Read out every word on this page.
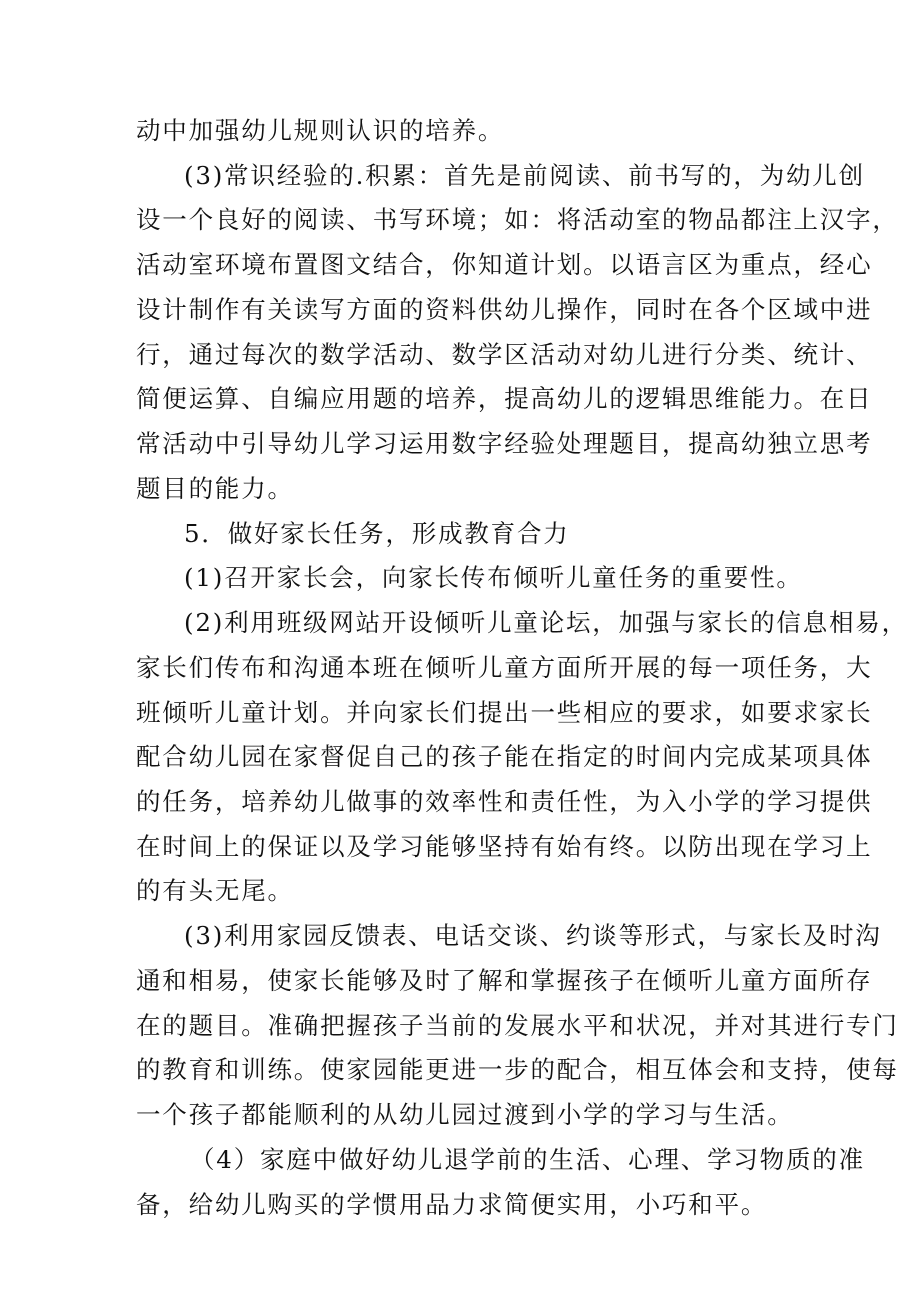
动中加强幼儿规则认识的培养。
(3)常识经验的.积累：首先是前阅读、前书写的，为幼儿创
设一个良好的阅读、书写环境；如：将活动室的物品都注上汉字，
活动室环境布置图文结合，你知道计划。以语言区为重点，经心
设计制作有关读写方面的资料供幼儿操作，同时在各个区域中进
行，通过每次的数学活动、数学区活动对幼儿进行分类、统计、
简便运算、自编应用题的培养，提高幼儿的逻辑思维能力。在日
常活动中引导幼儿学习运用数字经验处理题目，提高幼独立思考
题目的能力。
5．做好家长任务，形成教育合力
(1)召开家长会，向家长传布倾听儿童任务的重要性。
(2)利用班级网站开设倾听儿童论坛，加强与家长的信息相易，
家长们传布和沟通本班在倾听儿童方面所开展的每一项任务，大
班倾听儿童计划。并向家长们提出一些相应的要求，如要求家长
配合幼儿园在家督促自己的孩子能在指定的时间内完成某项具体
的任务，培养幼儿做事的效率性和责任性，为入小学的学习提供
在时间上的保证以及学习能够坚持有始有终。以防出现在学习上
的有头无尾。
(3)利用家园反馈表、电话交谈、约谈等形式，与家长及时沟
通和相易，使家长能够及时了解和掌握孩子在倾听儿童方面所存
在的题目。准确把握孩子当前的发展水平和状况，并对其进行专门
的教育和训练。使家园能更进一步的配合，相互体会和支持，使每
一个孩子都能顺利的从幼儿园过渡到小学的学习与生活。
（4）家庭中做好幼儿退学前的生活、心理、学习物质的准
备，给幼儿购买的学惯用品力求简便实用，小巧和平。
